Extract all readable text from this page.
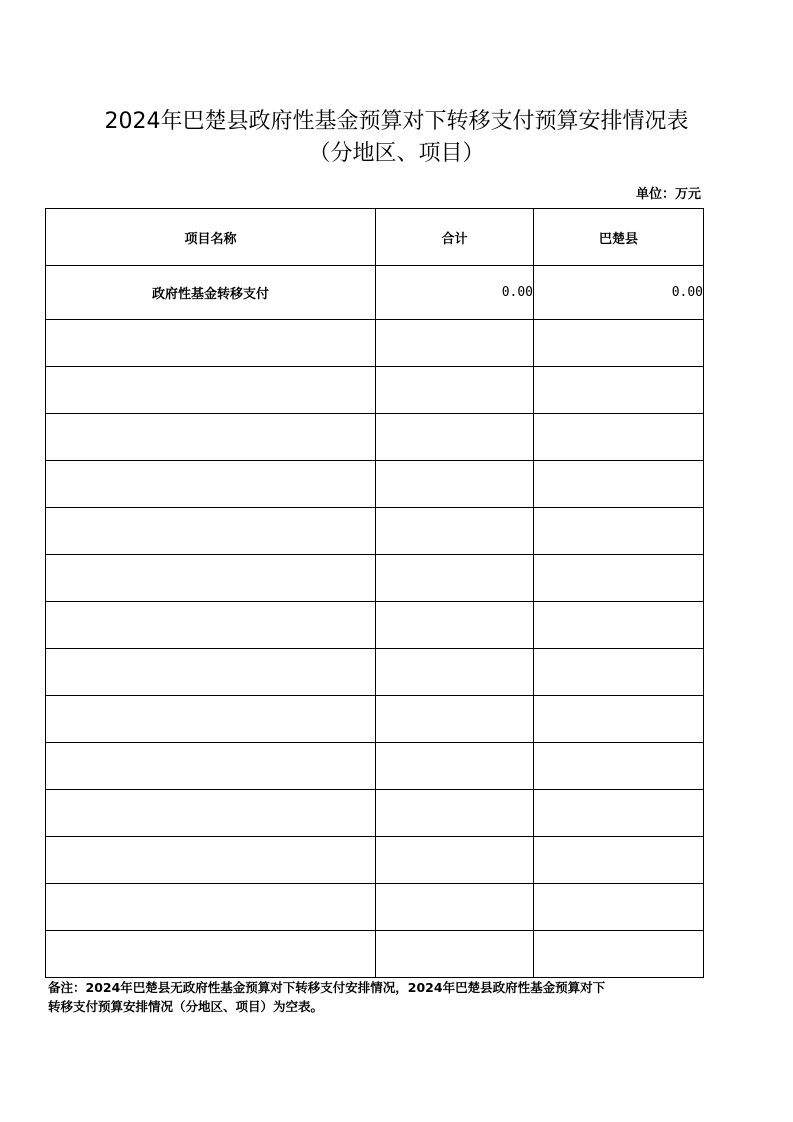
2024年巴楚县政府性基金预算对下转移支付预算安排情况表
（分地区、项目）
单位：万元
项目名称	合计	巴楚县
政府性基金转移支付	0.00	0.00

备注：2024年巴楚县无政府性基金预算对下转移支付安排情况，2024年巴楚县政府性基金预算对下
转移支付预算安排情况（分地区、项目）为空表。
